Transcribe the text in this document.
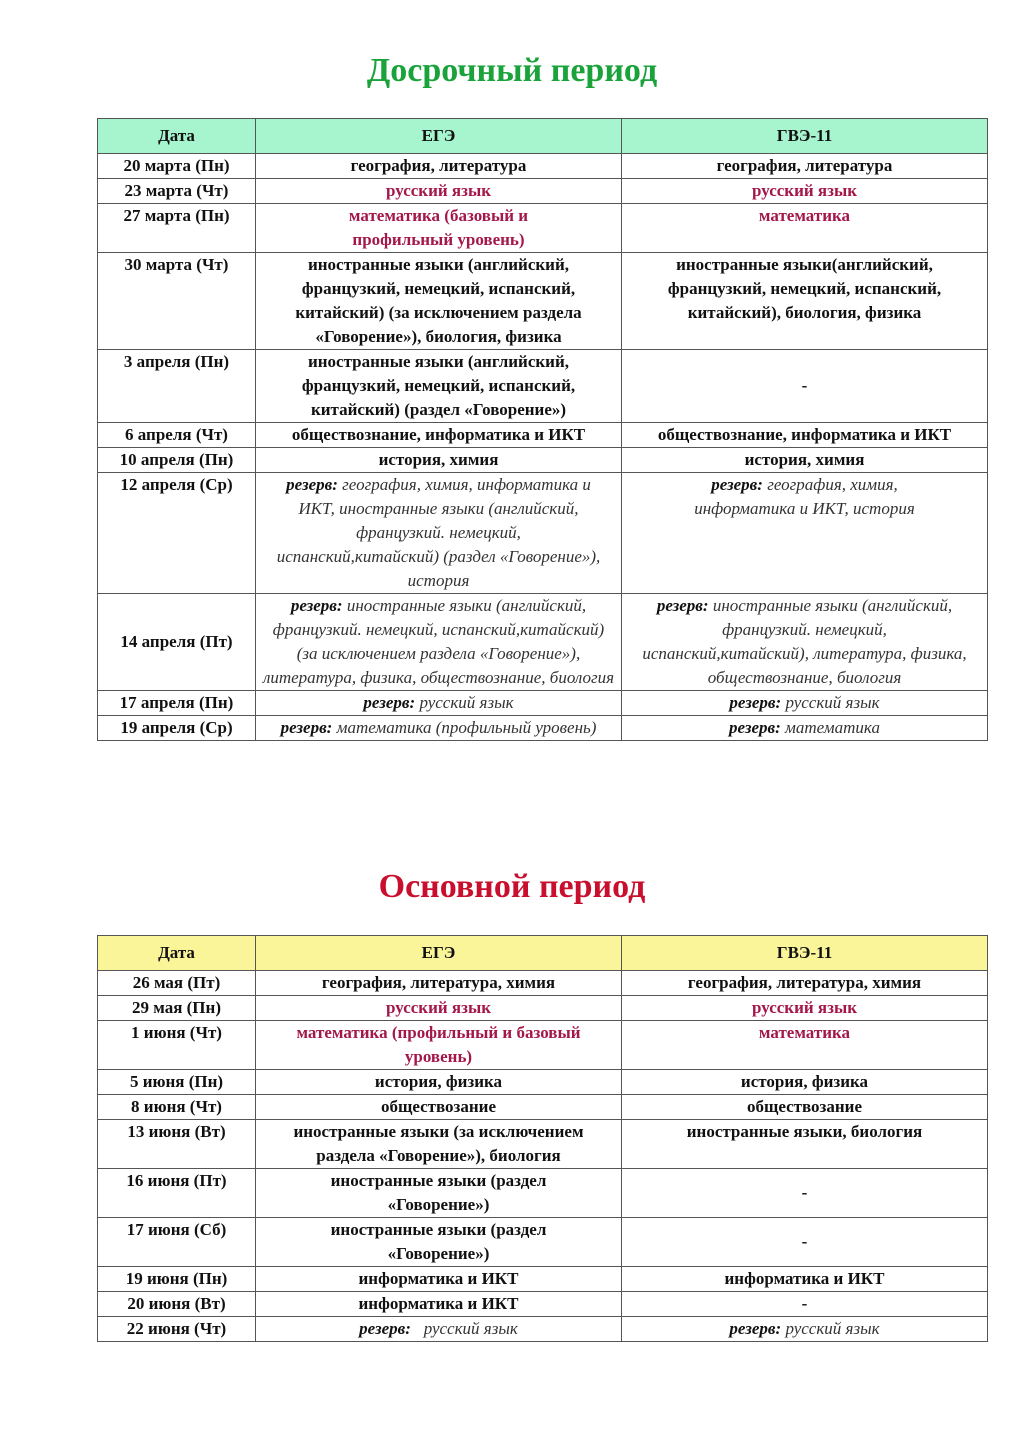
Досрочный период
Дата	ЕГЭ	ГВЭ-11
20 марта (Пн)	география, литература	география, литература
23 марта (Чт)	русский язык	русский язык
27 марта (Пн)	математика (базовый и профильный уровень)	математика
30 марта (Чт)	иностранные языки (английский, французкий, немецкий, испанский, китайский) (за исключением раздела «Говорение»), биология, физика	иностранные языки(английский, французкий, немецкий, испанский, китайский), биология, физика
3 апреля (Пн)	иностранные языки (английский, французкий, немецкий, испанский, китайский) (раздел «Говорение»)	-
6 апреля (Чт)	обществознание, информатика и ИКТ	обществознание, информатика и ИКТ
10 апреля (Пн)	история, химия	история, химия
12 апреля (Ср)	резерв: география, химия, информатика и ИКТ, иностранные языки (английский, французкий. немецкий, испанский,китайский) (раздел «Говорение»), история	резерв: география, химия, информатика и ИКТ, история
14 апреля (Пт)	резерв: иностранные языки (английский, французкий. немецкий, испанский,китайский) (за исключением раздела «Говорение»), литература, физика, обществознание, биология	резерв: иностранные языки (английский, французкий. немецкий, испанский,китайский), литература, физика, обществознание, биология
17 апреля (Пн)	резерв: русский язык	резерв: русский язык
19 апреля (Ср)	резерв: математика (профильный уровень)	резерв: математика
Основной период
Дата	ЕГЭ	ГВЭ-11
26 мая (Пт)	география, литература, химия	география, литература, химия
29 мая (Пн)	русский язык	русский язык
1 июня (Чт)	математика (профильный и базовый уровень)	математика
5 июня (Пн)	история, физика	история, физика
8 июня (Чт)	обществозание	обществозание
13 июня (Вт)	иностранные языки (за исключением раздела «Говорение»), биология	иностранные языки, биология
16 июня (Пт)	иностранные языки (раздел «Говорение»)	-
17 июня (Сб)	иностранные языки (раздел «Говорение»)	-
19 июня (Пн)	информатика и ИКТ	информатика и ИКТ
20 июня (Вт)	информатика и ИКТ	-
22 июня (Чт)	резерв: русский язык	резерв: русский язык
